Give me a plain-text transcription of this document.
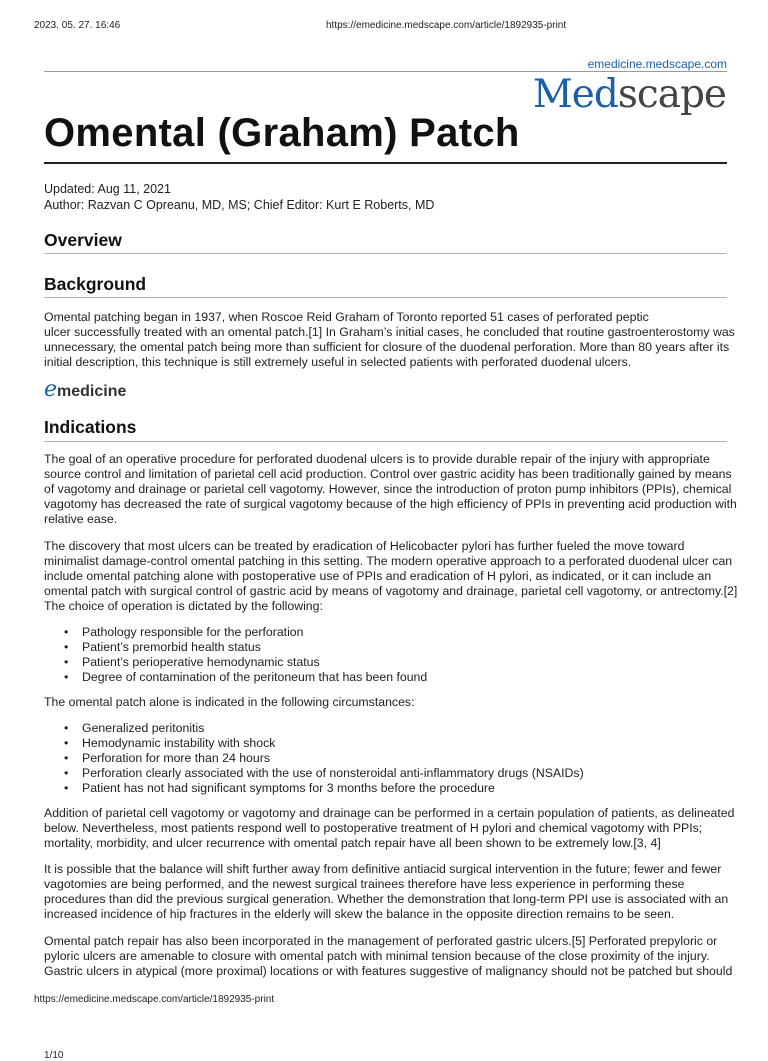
2023. 05. 27. 16:46	https://emedicine.medscape.com/article/1892935-print
emedicine.medscape.com
Medscape
Omental (Graham) Patch
Updated: Aug 11, 2021
Author: Razvan C Opreanu, MD, MS; Chief Editor: Kurt E Roberts, MD
Overview
Background

Omental patching began in 1937, when Roscoe Reid Graham of Toronto reported 51 cases of perforated peptic
ulcer successfully treated with an omental patch.[1] In Graham’s initial cases, he concluded that routine gastroenterostomy was
unnecessary, the omental patch being more than sufficient for closure of the duodenal perforation. More than 80 years after its
initial description, this technique is still extremely useful in selected patients with perforated duodenal ulcers.

emedicine
Indications

The goal of an operative procedure for perforated duodenal ulcers is to provide durable repair of the injury with appropriate
source control and limitation of parietal cell acid production. Control over gastric acidity has been traditionally gained by means
of vagotomy and drainage or parietal cell vagotomy. However, since the introduction of proton pump inhibitors (PPIs), chemical
vagotomy has decreased the rate of surgical vagotomy because of the high efficiency of PPIs in preventing acid production with
relative ease.

The discovery that most ulcers can be treated by eradication of Helicobacter pylori has further fueled the move toward
minimalist damage-control omental patching in this setting. The modern operative approach to a perforated duodenal ulcer can
include omental patching alone with postoperative use of PPIs and eradication of H pylori, as indicated, or it can include an
omental patch with surgical control of gastric acid by means of vagotomy and drainage, parietal cell vagotomy, or antrectomy.[2]
The choice of operation is dictated by the following:

• Pathology responsible for the perforation
• Patient’s premorbid health status
• Patient’s perioperative hemodynamic status
• Degree of contamination of the peritoneum that has been found

The omental patch alone is indicated in the following circumstances:

• Generalized peritonitis
• Hemodynamic instability with shock
• Perforation for more than 24 hours
• Perforation clearly associated with the use of nonsteroidal anti-inflammatory drugs (NSAIDs)
• Patient has not had significant symptoms for 3 months before the procedure

Addition of parietal cell vagotomy or vagotomy and drainage can be performed in a certain population of patients, as delineated
below. Nevertheless, most patients respond well to postoperative treatment of H pylori and chemical vagotomy with PPIs;
mortality, morbidity, and ulcer recurrence with omental patch repair have all been shown to be extremely low.[3, 4]

It is possible that the balance will shift further away from definitive antiacid surgical intervention in the future; fewer and fewer
vagotomies are being performed, and the newest surgical trainees therefore have less experience in performing these
procedures than did the previous surgical generation. Whether the demonstration that long-term PPI use is associated with an
increased incidence of hip fractures in the elderly will skew the balance in the opposite direction remains to be seen.

Omental patch repair has also been incorporated in the management of perforated gastric ulcers.[5] Perforated prepyloric or
pyloric ulcers are amenable to closure with omental patch with minimal tension because of the close proximity of the injury.
Gastric ulcers in atypical (more proximal) locations or with features suggestive of malignancy should not be patched but should

https://emedicine.medscape.com/article/1892935-print
1/10
